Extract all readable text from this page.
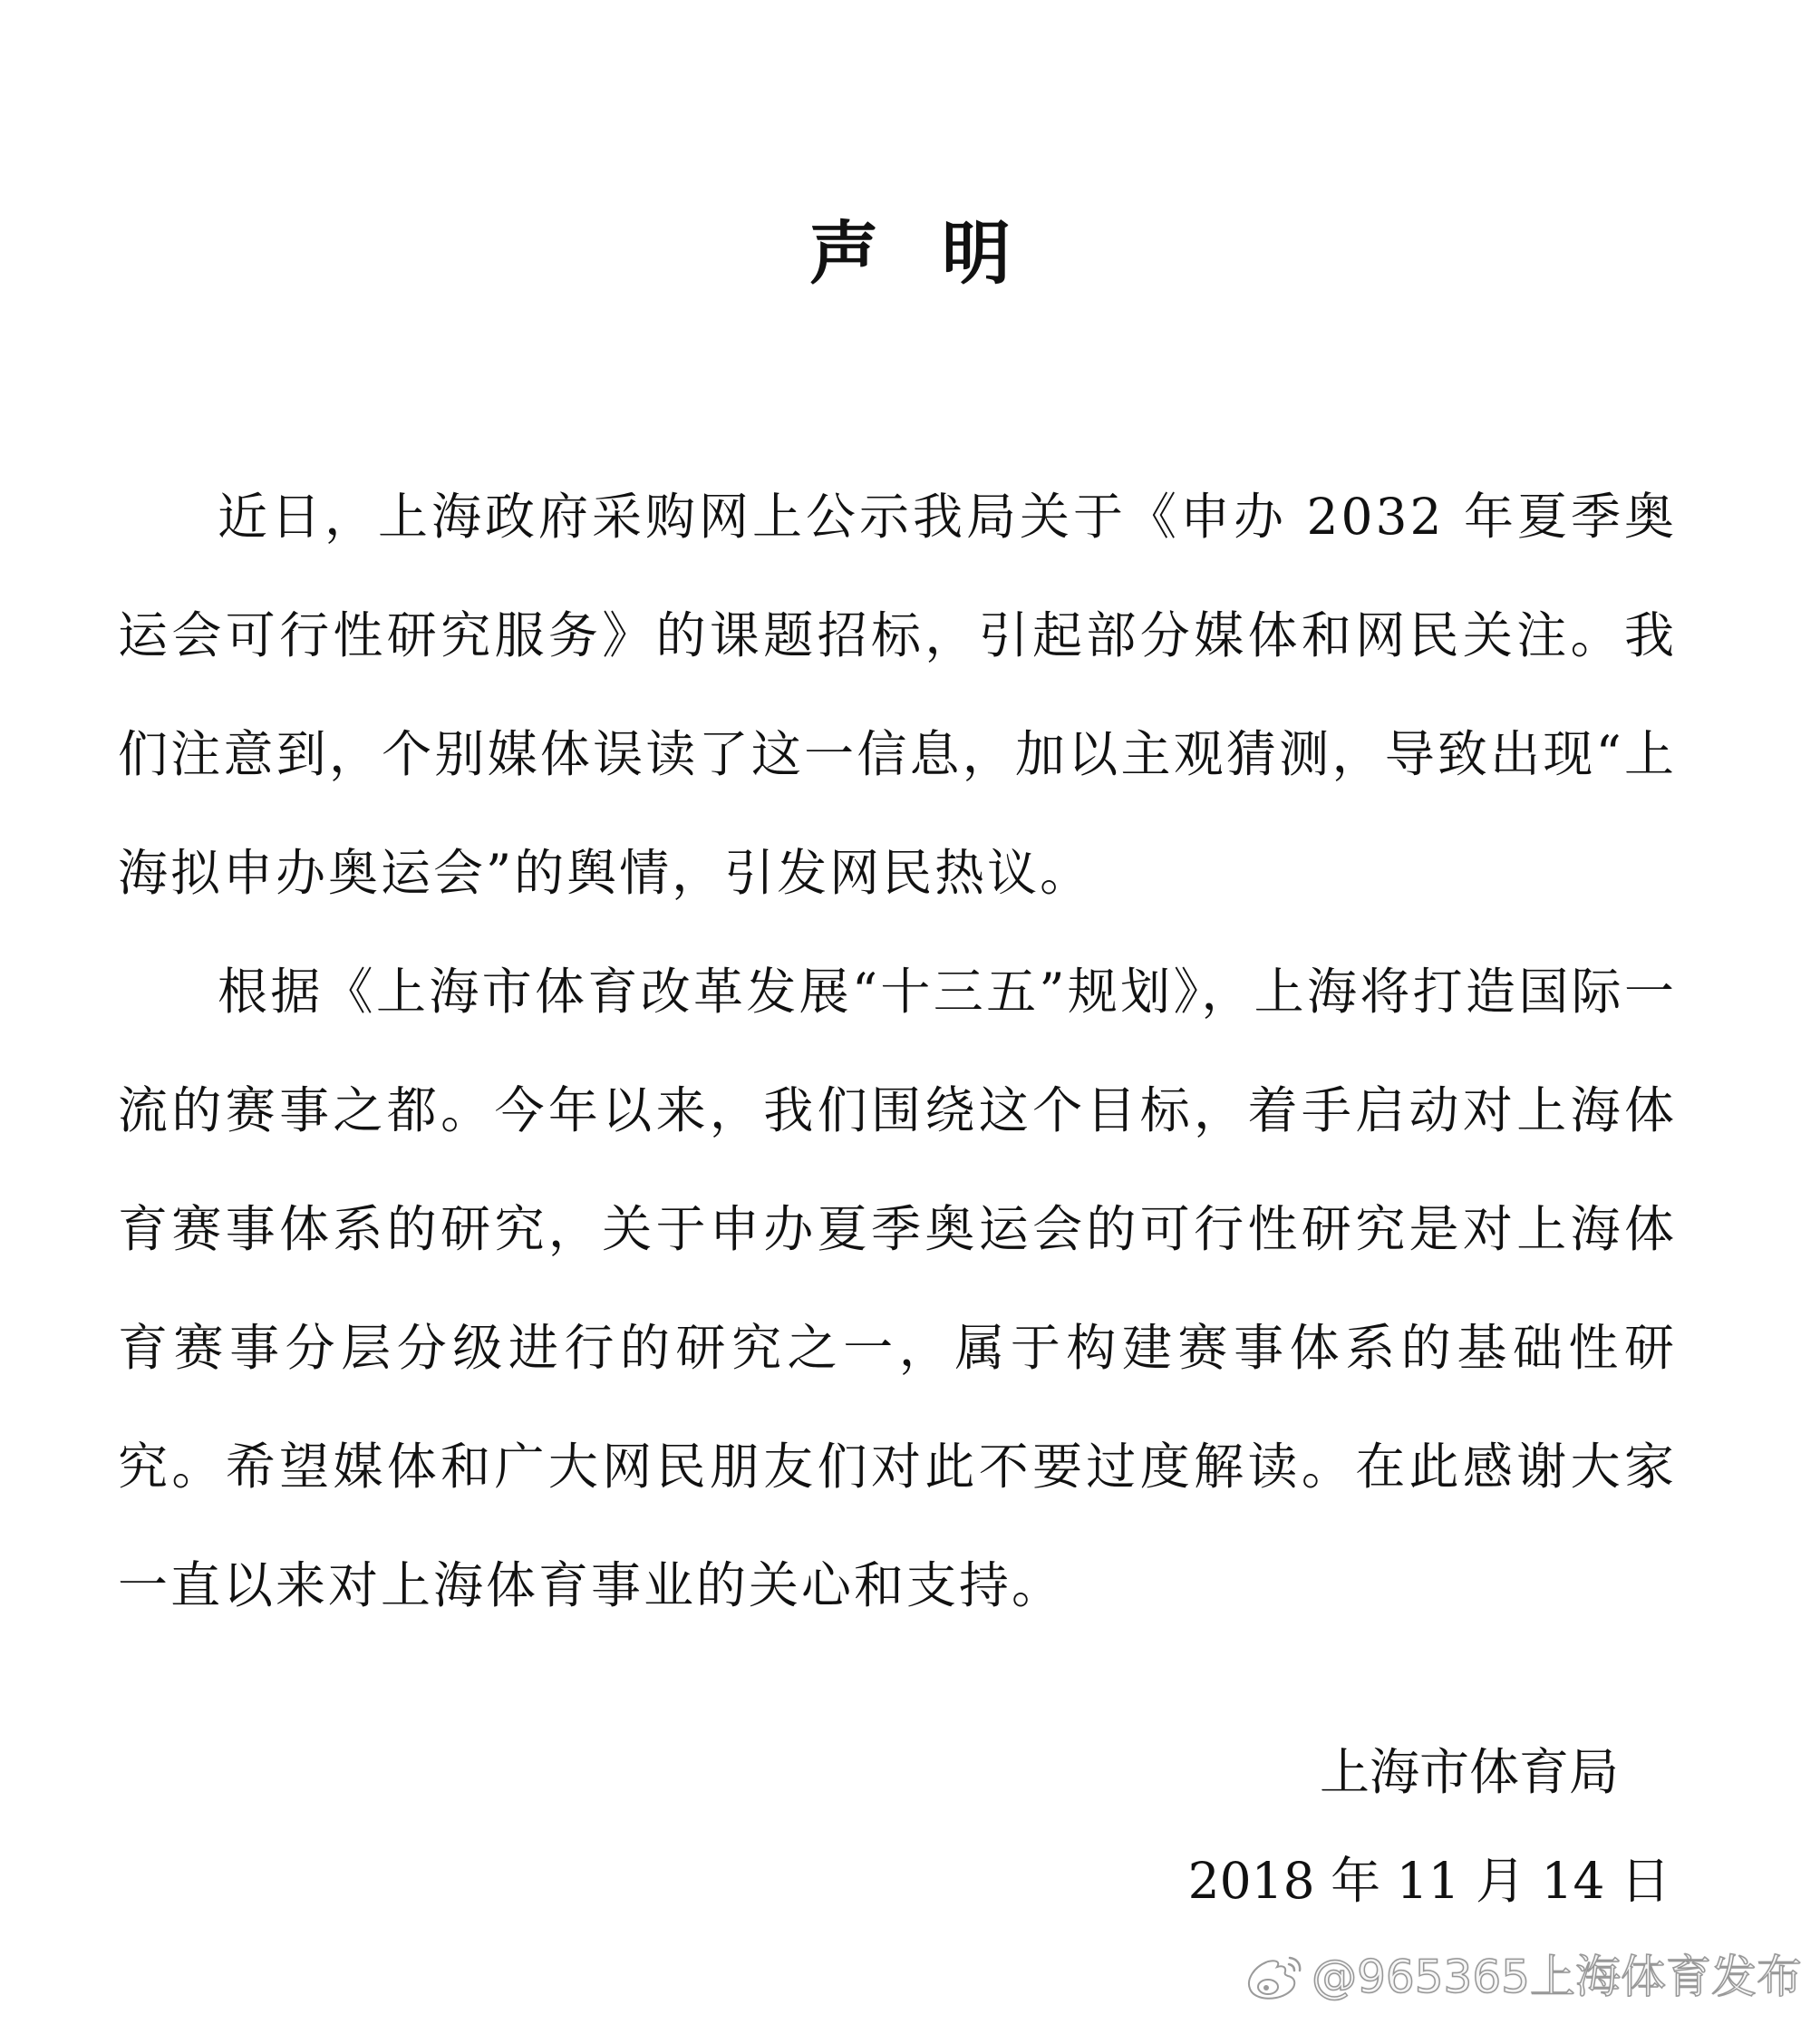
声明

近日，上海政府采购网上公示我局关于《申办 2032 年夏季奥运会可行性研究服务》的课题招标，引起部分媒体和网民关注。我们注意到，个别媒体误读了这一信息，加以主观猜测，导致出现“上海拟申办奥运会”的舆情，引发网民热议。

根据《上海市体育改革发展“十三五”规划》，上海将打造国际一流的赛事之都。今年以来，我们围绕这个目标，着手启动对上海体育赛事体系的研究，关于申办夏季奥运会的可行性研究是对上海体育赛事分层分级进行的研究之一，属于构建赛事体系的基础性研究。希望媒体和广大网民朋友们对此不要过度解读。在此感谢大家一直以来对上海体育事业的关心和支持。

上海市体育局
2018 年 11 月 14 日
@965365上海体育发布
